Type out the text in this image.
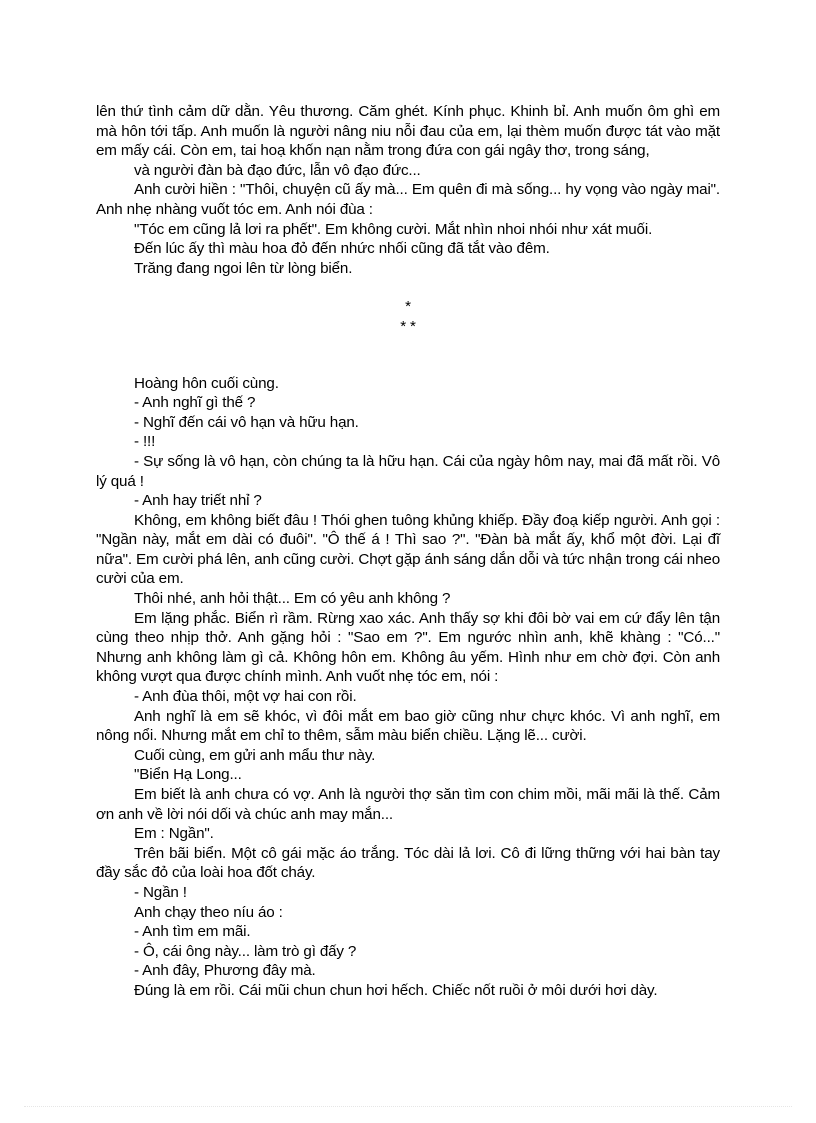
lên thứ tình cảm dữ dằn. Yêu thương. Căm ghét. Kính phục. Khinh bỉ. Anh muốn ôm ghì em mà hôn tới tấp. Anh muốn là người nâng niu nỗi đau của em, lại thèm muốn được tát vào mặt em mấy cái. Còn em, tai hoạ khốn nạn nằm trong đứa con gái ngây thơ, trong sáng,

và người đàn bà đạo đức, lẫn vô đạo đức...

Anh cười hiền : "Thôi, chuyện cũ ấy mà... Em quên đi mà sống... hy vọng vào ngày mai". Anh nhẹ nhàng vuốt tóc em. Anh nói đùa :

"Tóc em cũng lả lơi ra phết". Em không cười. Mắt nhìn nhoi nhói như xát muối.

Đến lúc ấy thì màu hoa đỏ đến nhức nhối cũng đã tắt vào đêm.

Trăng đang ngoi lên từ lòng biển.

*

* *

Hoàng hôn cuối cùng.

- Anh nghĩ gì thế ?

- Nghĩ đến cái vô hạn và hữu hạn.

- !!!

- Sự sống là vô hạn, còn chúng ta là hữu hạn. Cái của ngày hôm nay, mai đã mất rồi. Vô lý quá !

- Anh hay triết nhỉ ?

Không, em không biết đâu ! Thói ghen tuông khủng khiếp. Đầy đoạ kiếp người. Anh gọi : "Ngần này, mắt em dài có đuôi". "Ô thế á ! Thì sao ?". "Đàn bà mắt ấy, khổ một đời. Lại đĩ nữa". Em cười phá lên, anh cũng cười. Chợt gặp ánh sáng dắn dỗi và tức nhận trong cái nheo cười của em.

Thôi nhé, anh hỏi thật... Em có yêu anh không ?

Em lặng phắc. Biển rì rầm. Rừng xao xác. Anh thấy sợ khi đôi bờ vai em cứ đẩy lên tận cùng theo nhịp thở. Anh gặng hỏi : "Sao em ?". Em ngước nhìn anh, khẽ khàng : "Có..." Nhưng anh không làm gì cả. Không hôn em. Không âu yếm. Hình như em chờ đợi. Còn anh không vượt qua được chính mình. Anh vuốt nhẹ tóc em, nói :

- Anh đùa thôi, một vợ hai con rồi.

Anh nghĩ là em sẽ khóc, vì đôi mắt em bao giờ cũng như chực khóc. Vì anh nghĩ, em nông nổi. Nhưng mắt em chỉ to thêm, sẫm màu biển chiều. Lặng lẽ... cười.

Cuối cùng, em gửi anh mẩu thư này.

"Biển Hạ Long...

Em biết là anh chưa có vợ. Anh là người thợ săn tìm con chim mồi, mãi mãi là thế. Cảm ơn anh về lời nói dối và chúc anh may mắn...

Em : Ngần".

Trên bãi biển. Một cô gái mặc áo trắng. Tóc dài lả lơi. Cô đi lững thững với hai bàn tay đầy sắc đỏ của loài hoa đốt cháy.

- Ngần !

Anh chạy theo níu áo :

- Anh tìm em mãi.

- Ô, cái ông này... làm trò gì đấy ?

- Anh đây, Phương đây mà.

Đúng là em rồi. Cái mũi chun chun hơi hếch. Chiếc nốt ruồi ở môi dưới hơi dày.
